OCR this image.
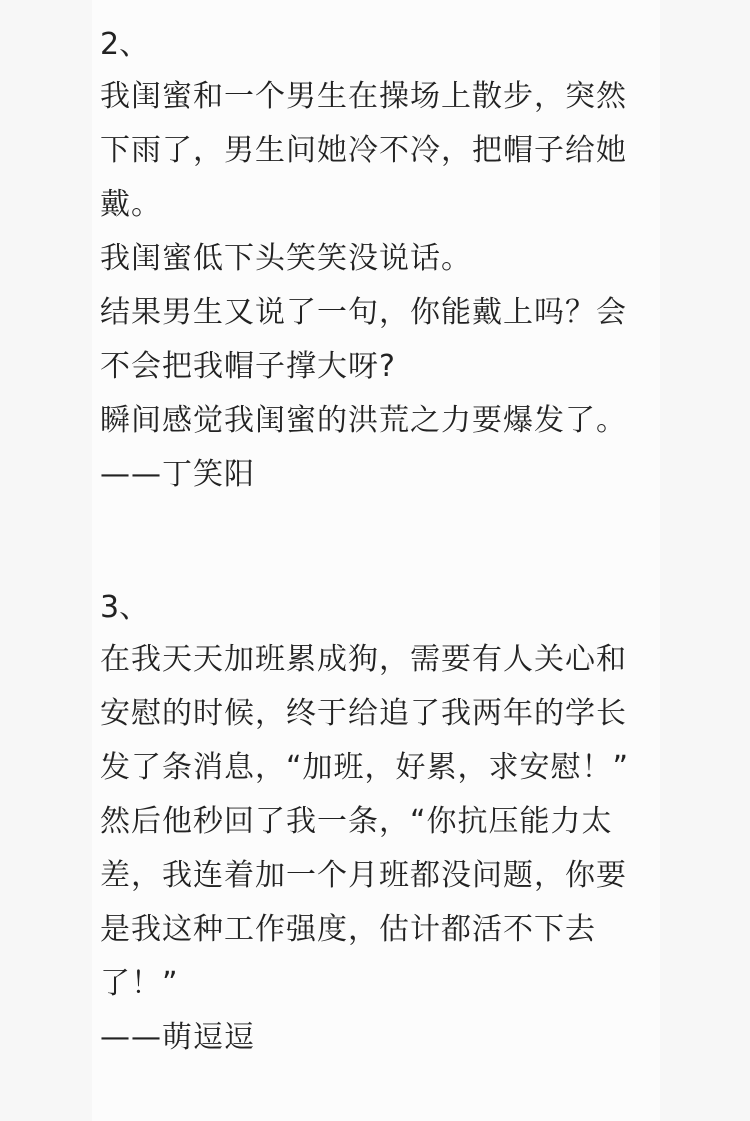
2、
我闺蜜和一个男生在操场上散步，突然
下雨了，男生问她冷不冷，把帽子给她
戴。
我闺蜜低下头笑笑没说话。
结果男生又说了一句，你能戴上吗？会
不会把我帽子撑大呀?
瞬间感觉我闺蜜的洪荒之力要爆发了。
——丁笑阳
3、
在我天天加班累成狗，需要有人关心和
安慰的时候，终于给追了我两年的学长
发了条消息，“加班，好累，求安慰！”
然后他秒回了我一条，“你抗压能力太
差，我连着加一个月班都没问题，你要
是我这种工作强度，估计都活不下去
了！”
——萌逗逗
